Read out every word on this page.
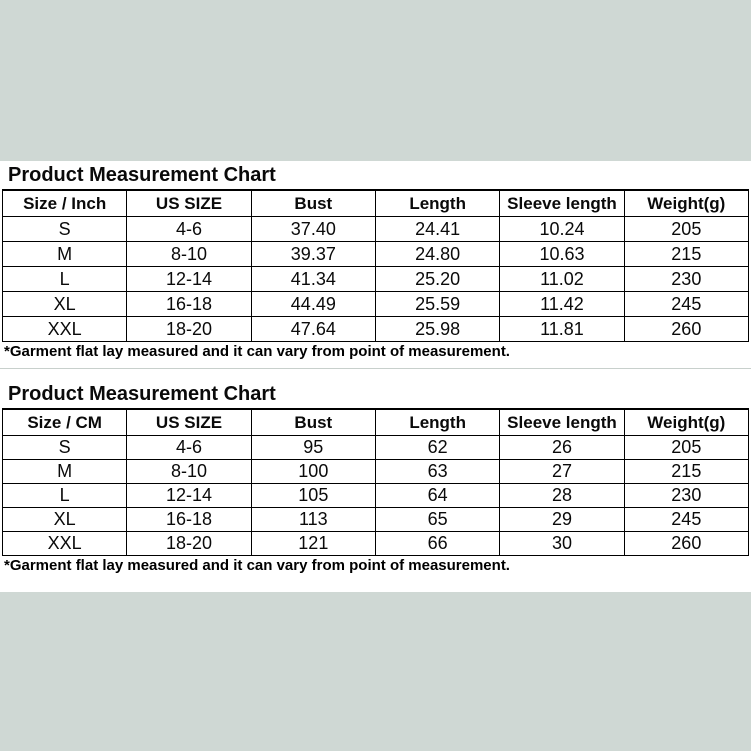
Product Measurement Chart
Size / Inch	US SIZE	Bust	Length	Sleeve length	Weight(g)
S	4-6	37.40	24.41	10.24	205
M	8-10	39.37	24.80	10.63	215
L	12-14	41.34	25.20	11.02	230
XL	16-18	44.49	25.59	11.42	245
XXL	18-20	47.64	25.98	11.81	260
*Garment flat lay measured and it can vary from point of measurement.
Product Measurement Chart
Size / CM	US SIZE	Bust	Length	Sleeve length	Weight(g)
S	4-6	95	62	26	205
M	8-10	100	63	27	215
L	12-14	105	64	28	230
XL	16-18	113	65	29	245
XXL	18-20	121	66	30	260
*Garment flat lay measured and it can vary from point of measurement.
